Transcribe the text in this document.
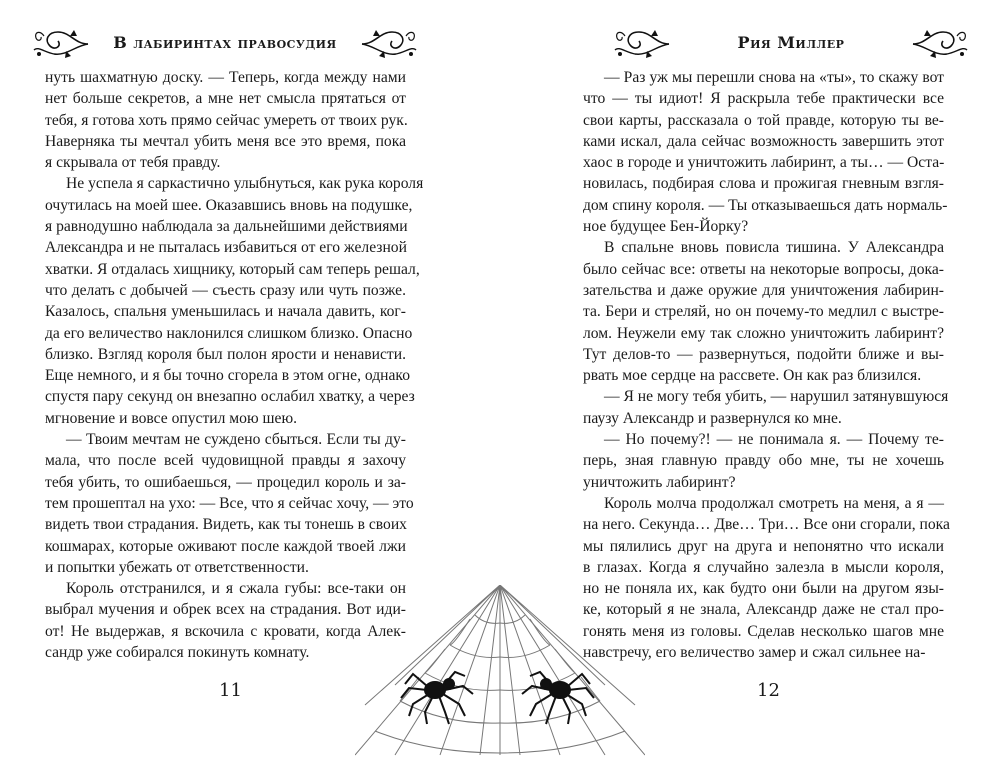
В лабиринтах правосудия
нуть шахматную доску. — Теперь, когда между нами
нет больше секретов, а мне нет смысла прятаться от
тебя, я готова хоть прямо сейчас умереть от твоих рук.
Наверняка ты мечтал убить меня все это время, пока
я скрывала от тебя правду.
Не успела я саркастично улыбнуться, как рука короля
очутилась на моей шее. Оказавшись вновь на подушке,
я равнодушно наблюдала за дальнейшими действиями
Александра и не пыталась избавиться от его железной
хватки. Я отдалась хищнику, который сам теперь решал,
что делать с добычей — съесть сразу или чуть позже.
Казалось, спальня уменьшилась и начала давить, ког-
да его величество наклонился слишком близко. Опасно
близко. Взгляд короля был полон ярости и ненависти.
Еще немного, и я бы точно сгорела в этом огне, однако
спустя пару секунд он внезапно ослабил хватку, а через
мгновение и вовсе опустил мою шею.
— Твоим мечтам не суждено сбыться. Если ты ду-
мала, что после всей чудовищной правды я захочу
тебя убить, то ошибаешься, — процедил король и за-
тем прошептал на ухо: — Все, что я сейчас хочу, — это
видеть твои страдания. Видеть, как ты тонешь в своих
кошмарах, которые оживают после каждой твоей лжи
и попытки убежать от ответственности.
Король отстранился, и я сжала губы: все-таки он
выбрал мучения и обрек всех на страдания. Вот иди-
от! Не выдержав, я вскочила с кровати, когда Алек-
сандр уже собирался покинуть комнату.
11
Рия Миллер
— Раз уж мы перешли снова на «ты», то скажу вот
что — ты идиот! Я раскрыла тебе практически все
свои карты, рассказала о той правде, которую ты ве-
ками искал, дала сейчас возможность завершить этот
хаос в городе и уничтожить лабиринт, а ты… — Оста-
новилась, подбирая слова и прожигая гневным взгля-
дом спину короля. — Ты отказываешься дать нормаль-
ное будущее Бен-Йорку?
В спальне вновь повисла тишина. У Александра
было сейчас все: ответы на некоторые вопросы, дока-
зательства и даже оружие для уничтожения лабирин-
та. Бери и стреляй, но он почему-то медлил с выстре-
лом. Неужели ему так сложно уничтожить лабиринт?
Тут делов-то — развернуться, подойти ближе и вы-
рвать мое сердце на рассвете. Он как раз близился.
— Я не могу тебя убить, — нарушил затянувшуюся
паузу Александр и развернулся ко мне.
— Но почему?! — не понимала я. — Почему те-
перь, зная главную правду обо мне, ты не хочешь
уничтожить лабиринт?
Король молча продолжал смотреть на меня, а я —
на него. Секунда… Две… Три… Все они сгорали, пока
мы пялились друг на друга и непонятно что искали
в глазах. Когда я случайно залезла в мысли короля,
но не поняла их, как будто они были на другом язы-
ке, который я не знала, Александр даже не стал про-
гонять меня из головы. Сделав несколько шагов мне
навстречу, его величество замер и сжал сильнее на-
12
